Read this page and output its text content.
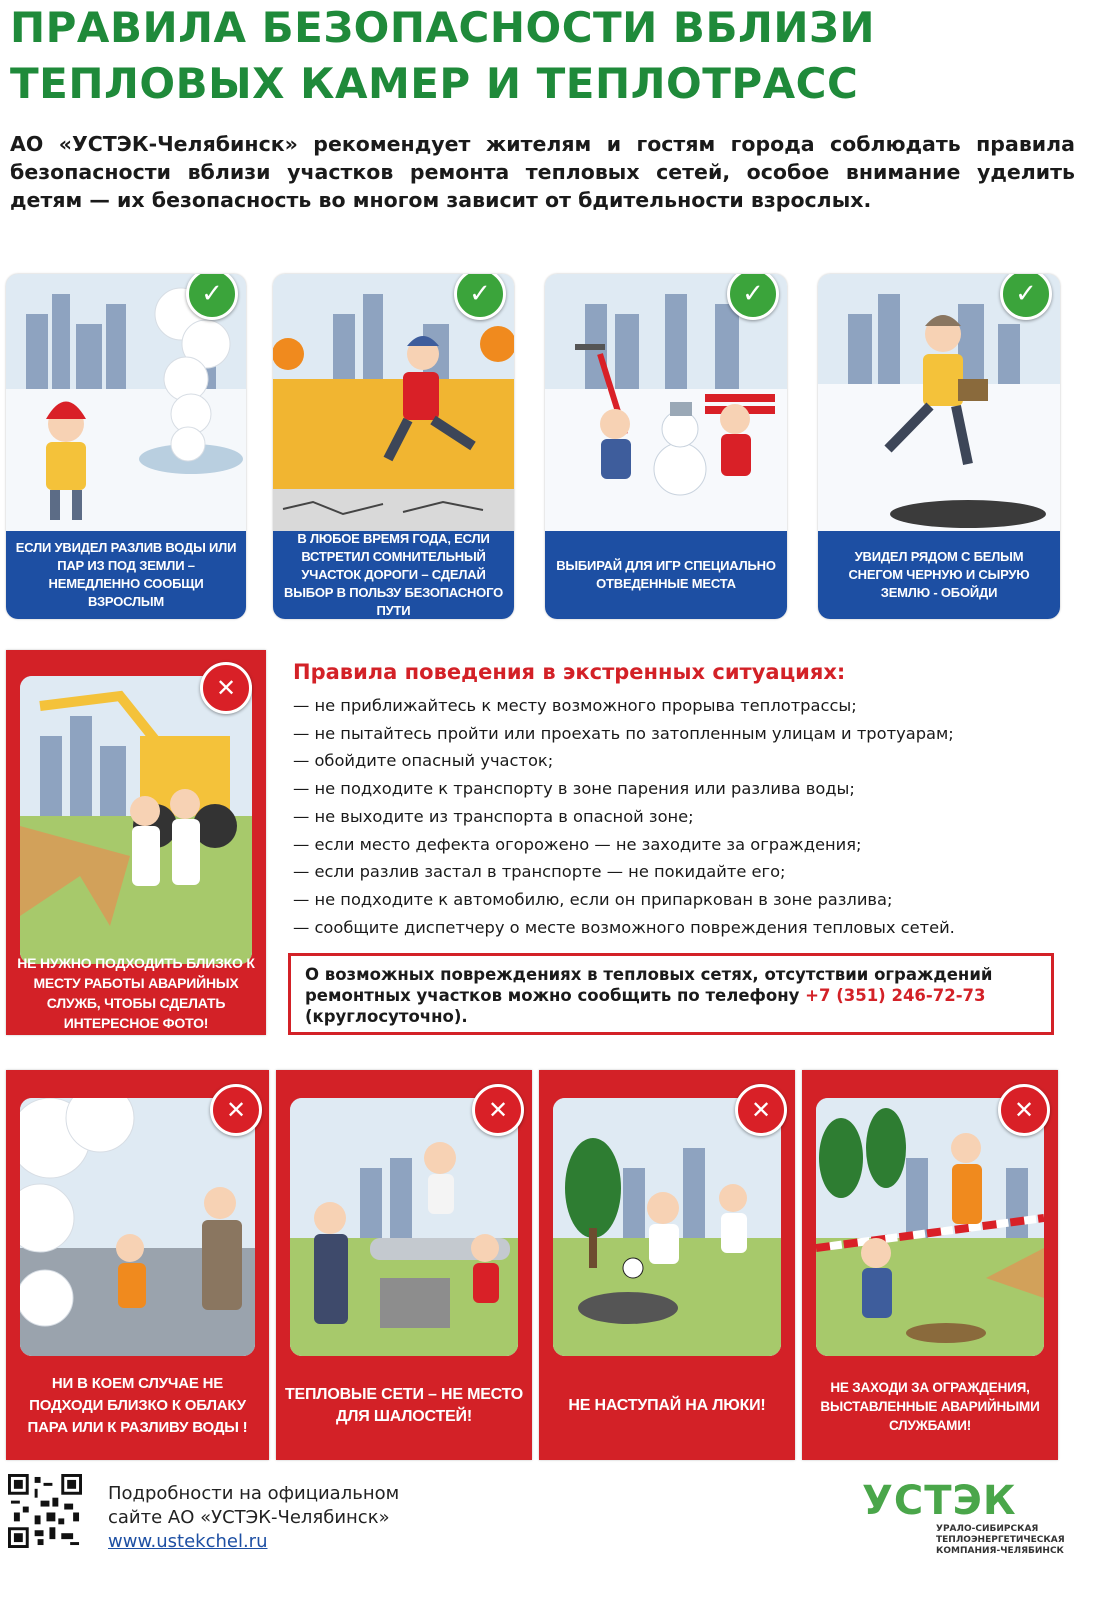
ПРАВИЛА БЕЗОПАСНОСТИ ВБЛИЗИ
ТЕПЛОВЫХ КАМЕР И ТЕПЛОТРАСС
АО «УСТЭК-Челябинск» рекомендует жителям и гостям города соблюдать правила безопасности вблизи участков ремонта тепловых сетей, особое внимание уделить детям — их безопасность во многом зависит от бдительности взрослых.
✓
ЕСЛИ УВИДЕЛ РАЗЛИВ ВОДЫ ИЛИ ПАР ИЗ ПОД ЗЕМЛИ – НЕМЕДЛЕННО СООБЩИ ВЗРОСЛЫМ
✓
В ЛЮБОЕ ВРЕМЯ ГОДА, ЕСЛИ ВСТРЕТИЛ СОМНИТЕЛЬНЫЙ УЧАСТОК ДОРОГИ – СДЕЛАЙ ВЫБОР В ПОЛЬЗУ БЕЗОПАСНОГО ПУТИ
✓
ВЫБИРАЙ ДЛЯ ИГР СПЕЦИАЛЬНО ОТВЕДЕННЫЕ МЕСТА
✓
УВИДЕЛ РЯДОМ С БЕЛЫМ СНЕГОМ ЧЕРНУЮ И СЫРУЮ ЗЕМЛЮ - ОБОЙДИ
✕
НЕ НУЖНО ПОДХОДИТЬ БЛИЗКО К МЕСТУ РАБОТЫ АВАРИЙНЫХ СЛУЖБ, ЧТОБЫ СДЕЛАТЬ ИНТЕРЕСНОЕ ФОТО!
Правила поведения в экстренных ситуациях:
— не приближайтесь к месту возможного прорыва теплотрассы;
— не пытайтесь пройти или проехать по затопленным улицам и тротуарам;
— обойдите опасный участок;
— не подходите к транспорту в зоне парения или разлива воды;
— не выходите из транспорта в опасной зоне;
— если место дефекта огорожено — не заходите за ограждения;
— если разлив застал в транспорте — не покидайте его;
— не подходите к автомобилю, если он припаркован в зоне разлива;
— сообщите диспетчеру о месте возможного повреждения тепловых сетей.
О возможных повреждениях в тепловых сетях, отсутствии ограждений ремонтных участков можно сообщить по телефону +7 (351) 246-72-73 (круглосуточно).
✕
НИ В КОЕМ СЛУЧАЕ НЕ ПОДХОДИ БЛИЗКО К ОБЛАКУ ПАРА ИЛИ К РАЗЛИВУ ВОДЫ !
✕
ТЕПЛОВЫЕ СЕТИ – НЕ МЕСТО ДЛЯ ШАЛОСТЕЙ!
✕
НЕ НАСТУПАЙ НА ЛЮКИ!
✕
НЕ ЗАХОДИ ЗА ОГРАЖДЕНИЯ, ВЫСТАВЛЕННЫЕ АВАРИЙНЫМИ СЛУЖБАМИ!
Подробности на официальном
сайте АО «УСТЭК-Челябинск»
www.ustekchel.ru
УСТЭК
УРАЛО-СИБИРСКАЯ ТЕПЛОЭНЕРГЕТИЧЕСКАЯ КОМПАНИЯ-ЧЕЛЯБИНСК
